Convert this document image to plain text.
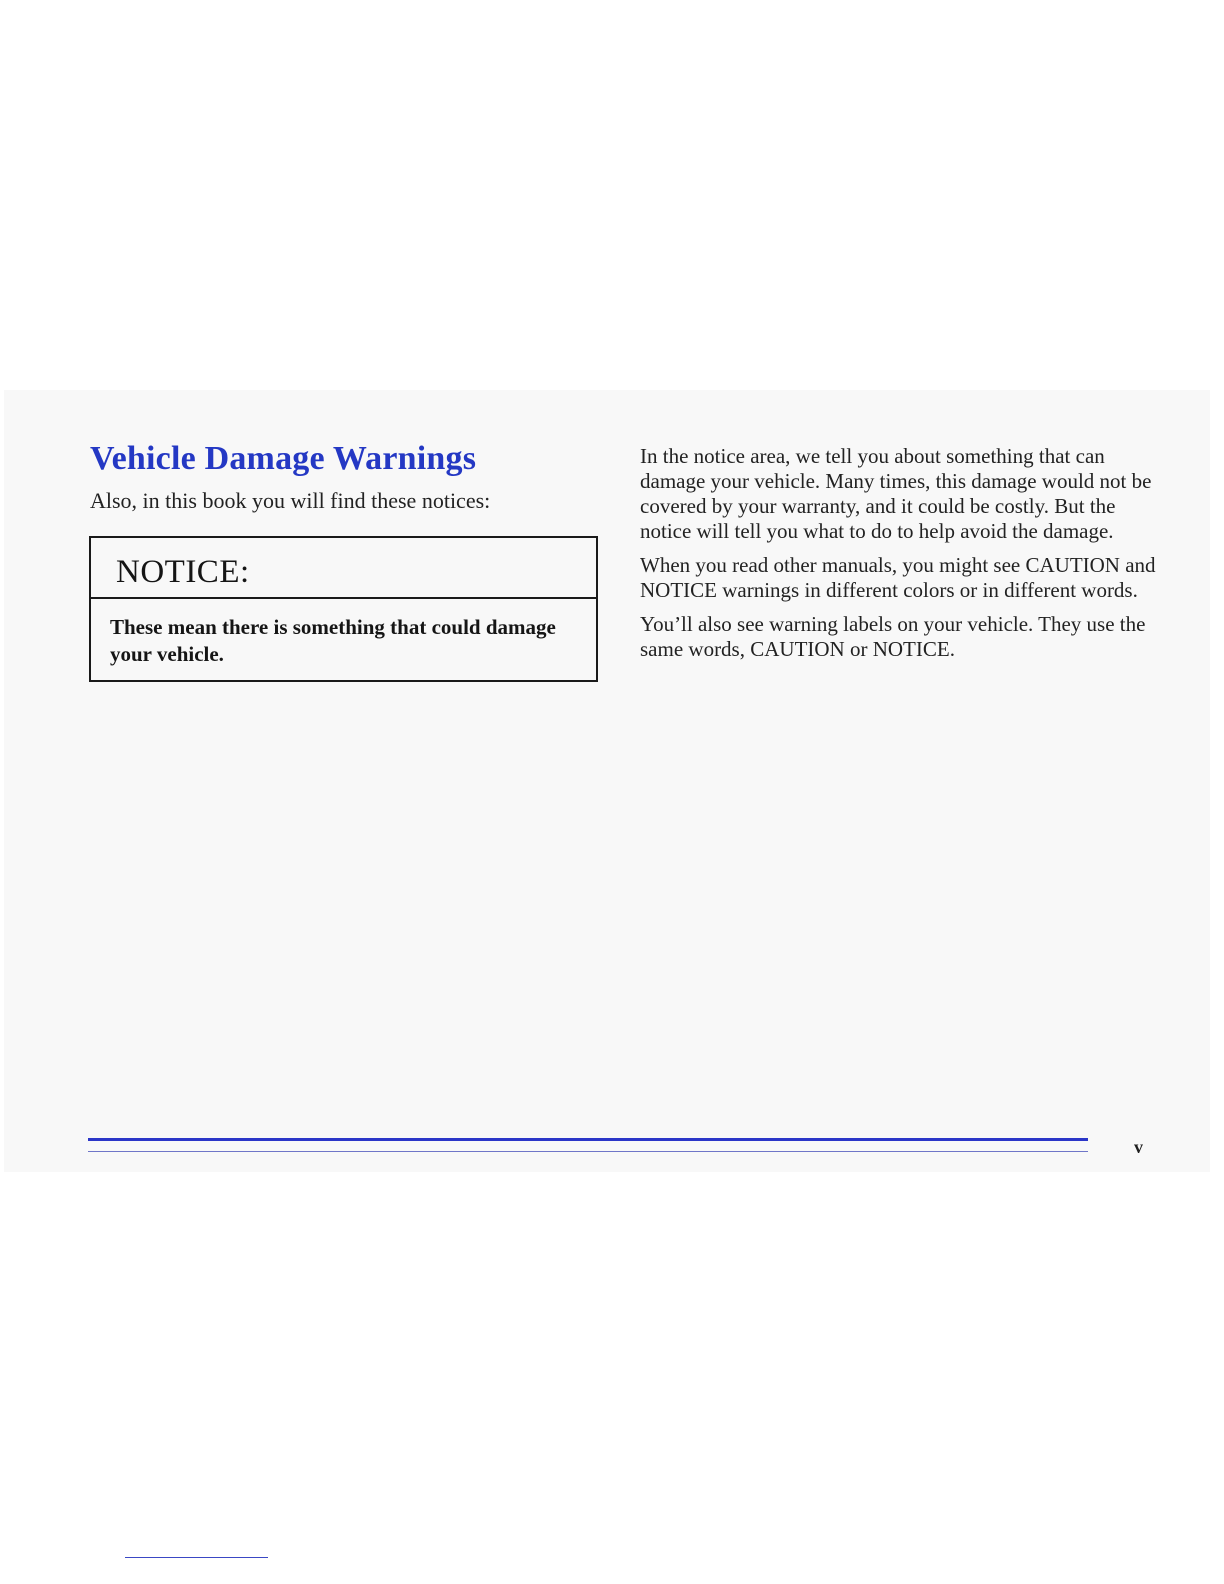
Vehicle Damage Warnings

Also, in this book you will find these notices:

NOTICE:

These mean there is something that could damage your vehicle.

In the notice area, we tell you about something that can damage your vehicle. Many times, this damage would not be covered by your warranty, and it could be costly. But the notice will tell you what to do to help avoid the damage.

When you read other manuals, you might see CAUTION and NOTICE warnings in different colors or in different words.

You’ll also see warning labels on your vehicle. They use the same words, CAUTION or NOTICE.

v
